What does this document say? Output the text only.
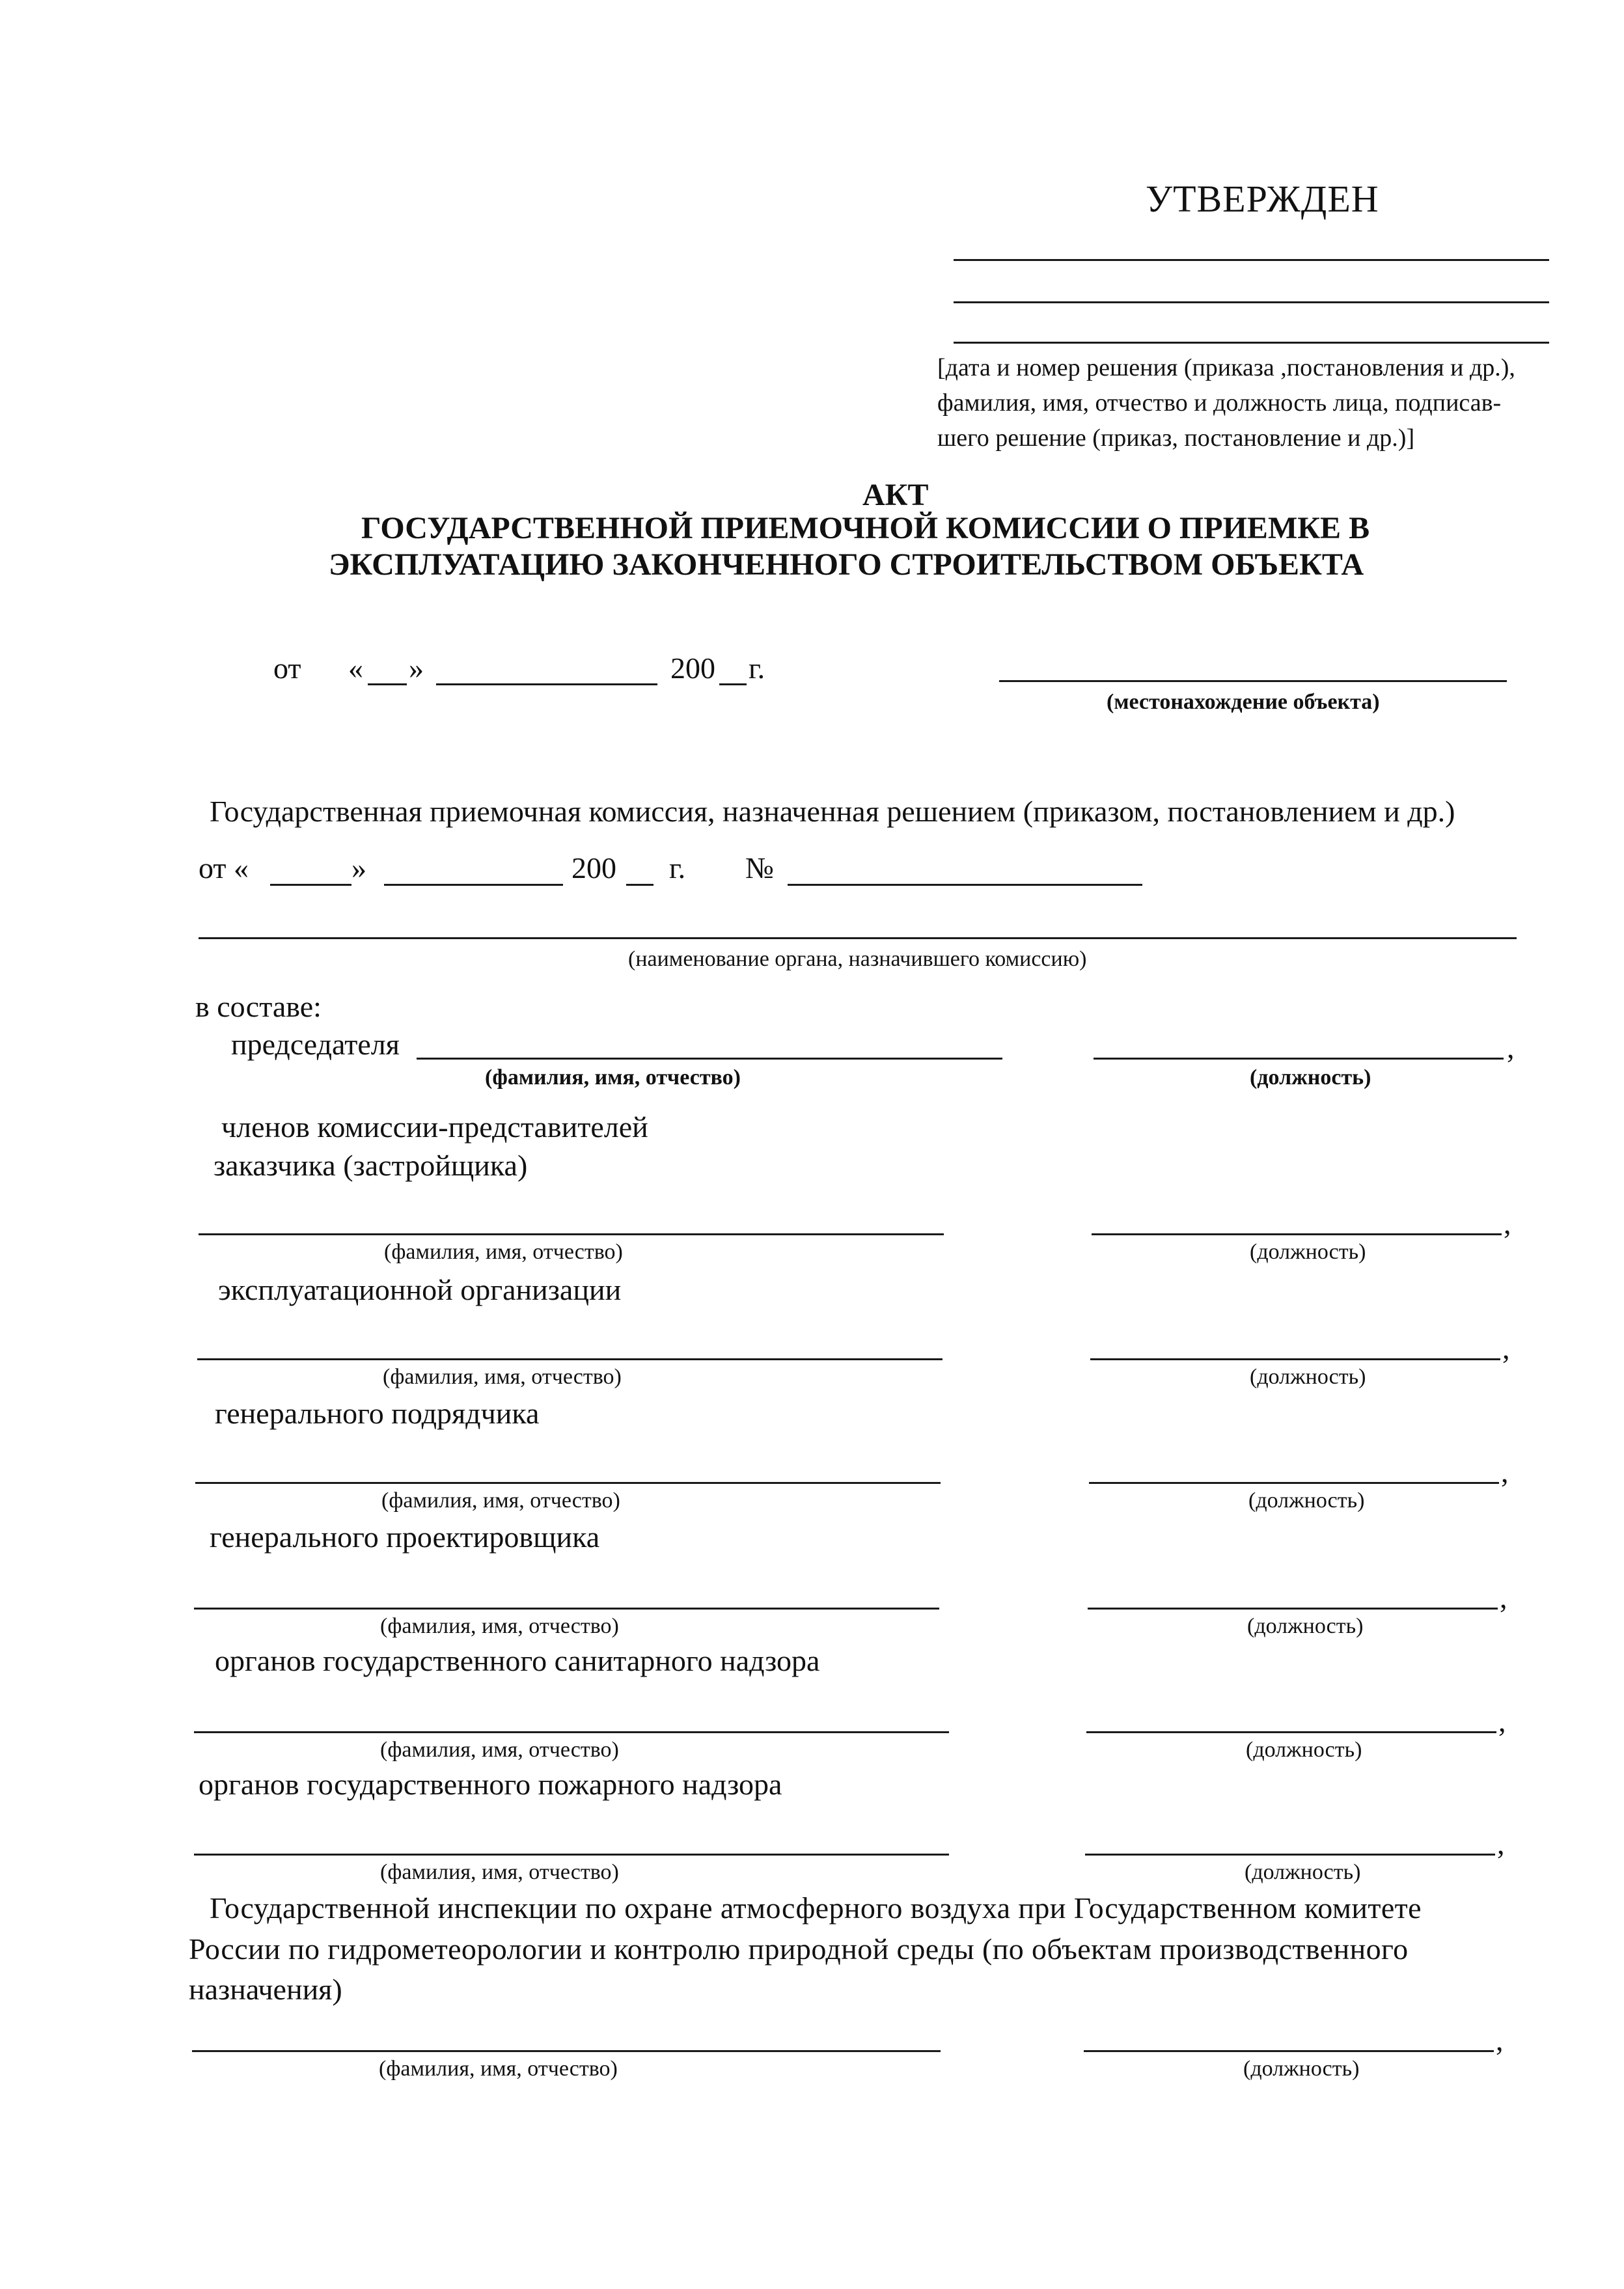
УТВЕРЖДЕН
[дата и номер решения (приказа ,постановления и др.),
фамилия, имя, отчество и должность лица, подписав-
шего решение (приказ, постановление и др.)]
АКТ
ГОСУДАРСТВЕННОЙ ПРИЕМОЧНОЙ КОМИССИИ О ПРИЕМКЕ В
ЭКСПЛУАТАЦИЮ ЗАКОНЧЕННОГО СТРОИТЕЛЬСТВОМ ОБЪЕКТА
от « »	200 г.
(местонахождение объекта)
Государственная приемочная комиссия, назначенная решением (приказом, постановлением и др.)
от «	»	200 г. №
(наименование органа, назначившего комиссию)
в составе:
председателя	,
(фамилия, имя, отчество)	(должность)
членов комиссии-представителей
заказчика (застройщика)
,
(фамилия, имя, отчество)	(должность)
эксплуатационной организации
,
(фамилия, имя, отчество)	(должность)
генерального подрядчика
,
(фамилия, имя, отчество)	(должность)
генерального проектировщика
,
(фамилия, имя, отчество)	(должность)
органов государственного санитарного надзора
,
(фамилия, имя, отчество)	(должность)
органов государственного пожарного надзора
,
(фамилия, имя, отчество)	(должность)
Государственной инспекции по охране атмосферного воздуха при Государственном комитете
России по гидрометеорологии и контролю природной среды (по объектам производственного
назначения)
,
(фамилия, имя, отчество)	(должность)
